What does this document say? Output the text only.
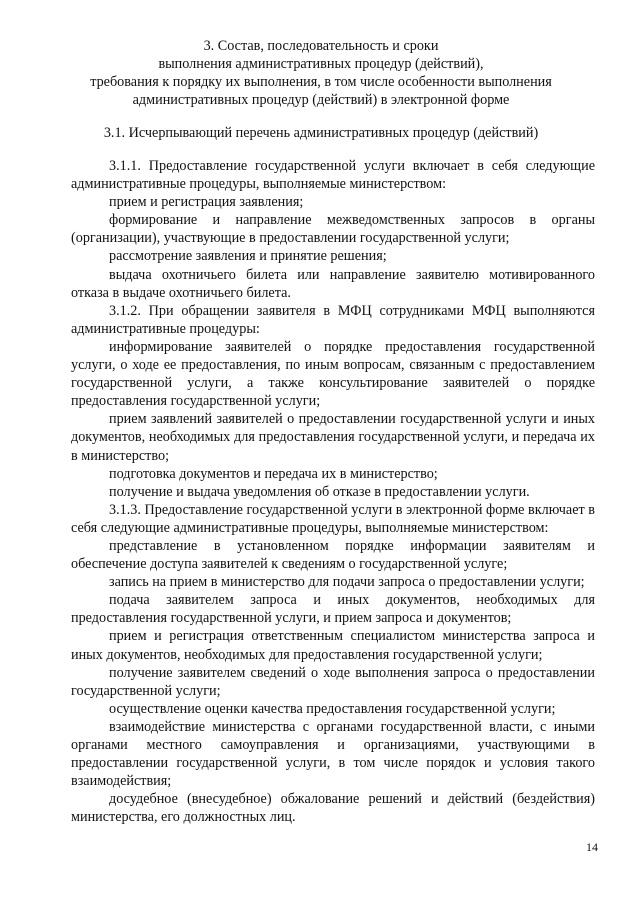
3. Состав, последовательность и сроки
выполнения административных процедур (действий),
требования к порядку их выполнения, в том числе особенности выполнения
административных процедур (действий) в электронной форме
3.1. Исчерпывающий перечень административных процедур (действий)

3.1.1. Предоставление государственной услуги включает в себя следующие административные процедуры, выполняемые министерством:

прием и регистрация заявления;

формирование и направление межведомственных запросов в органы (организации), участвующие в предоставлении государственной услуги;

рассмотрение заявления и принятие решения;

выдача охотничьего билета или направление заявителю мотивированного отказа в выдаче охотничьего билета.

3.1.2. При обращении заявителя в МФЦ сотрудниками МФЦ выполняются административные процедуры:

информирование заявителей о порядке предоставления государственной услуги, о ходе ее предоставления, по иным вопросам, связанным с предоставлением государственной услуги, а также консультирование заявителей о порядке предоставления государственной услуги;

прием заявлений заявителей о предоставлении государственной услуги и иных документов, необходимых для предоставления государственной услуги, и передача их в министерство;

подготовка документов и передача их в министерство;

получение и выдача уведомления об отказе в предоставлении услуги.

3.1.3. Предоставление государственной услуги в электронной форме включает в себя следующие административные процедуры, выполняемые министерством:

представление в установленном порядке информации заявителям и обеспечение доступа заявителей к сведениям о государственной услуге;

запись на прием в министерство для подачи запроса о предоставлении услуги;

подача заявителем запроса и иных документов, необходимых для предоставления государственной услуги, и прием запроса и документов;

прием и регистрация ответственным специалистом министерства запроса и иных документов, необходимых для предоставления государственной услуги;

получение заявителем сведений о ходе выполнения запроса о предоставлении государственной услуги;

осуществление оценки качества предоставления государственной услуги;

взаимодействие министерства с органами государственной власти, с иными органами местного самоуправления и организациями, участвующими в предоставлении государственной услуги, в том числе порядок и условия такого взаимодействия;

досудебное (внесудебное) обжалование решений и действий (бездействия) министерства, его должностных лиц.

14
